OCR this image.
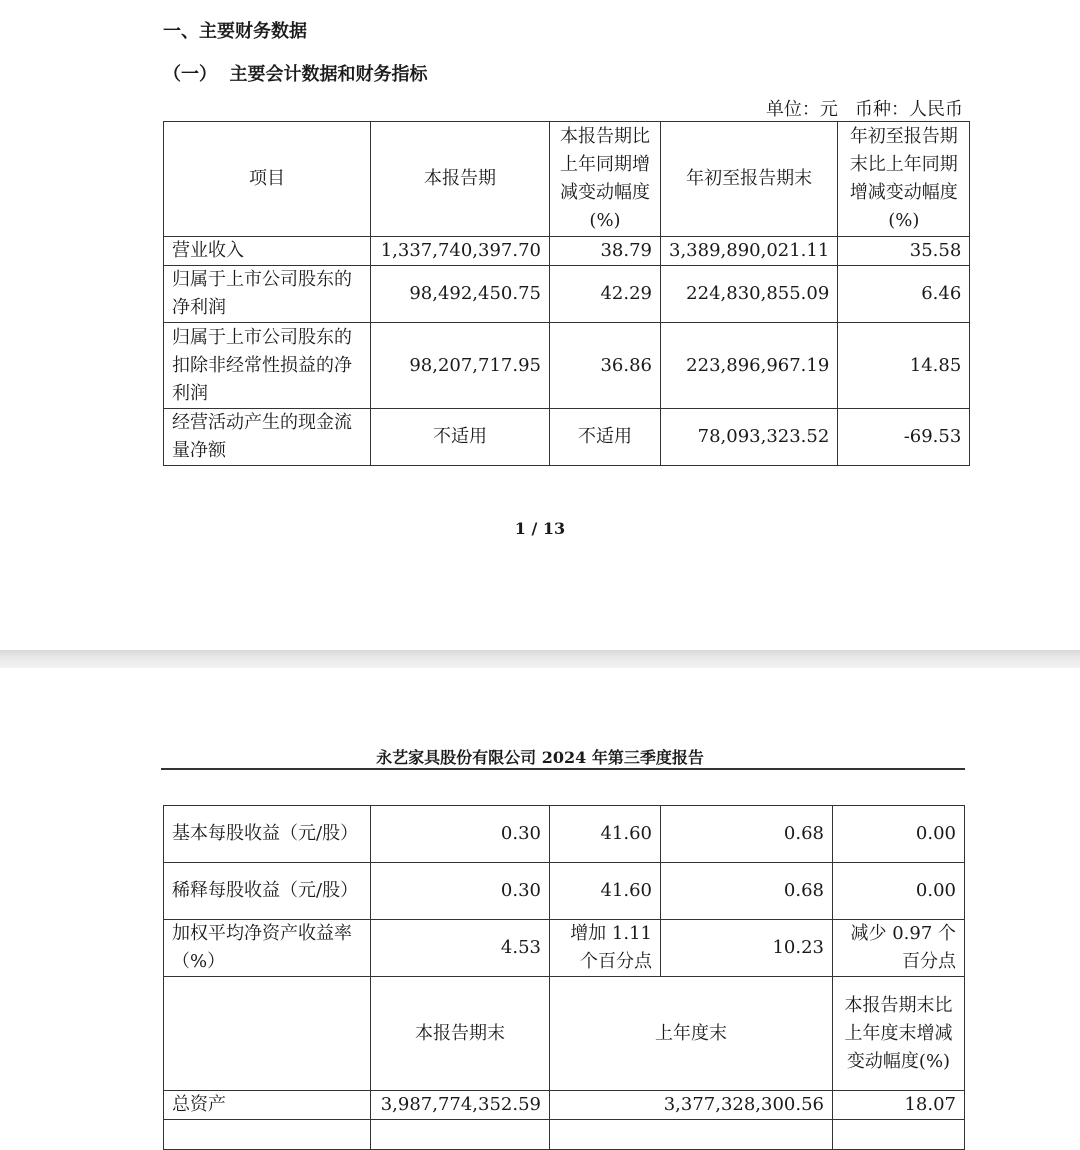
一、主要财务数据
（一）  主要会计数据和财务指标
单位：元   币种：人民币
项目	本报告期	本报告期比上年同期增减变动幅度(%)	年初至报告期末	年初至报告期末比上年同期增减变动幅度(%)
营业收入	1,337,740,397.70	38.79	3,389,890,021.11	35.58
归属于上市公司股东的净利润	98,492,450.75	42.29	224,830,855.09	6.46
归属于上市公司股东的扣除非经常性损益的净利润	98,207,717.95	36.86	223,896,967.19	14.85
经营活动产生的现金流量净额	不适用	不适用	78,093,323.52	-69.53
1 / 13
永艺家具股份有限公司 2024 年第三季度报告
基本每股收益（元/股）	0.30	41.60	0.68	0.00
稀释每股收益（元/股）	0.30	41.60	0.68	0.00
加权平均净资产收益率（%）	4.53	增加 1.11 个百分点	10.23	减少 0.97 个百分点
	本报告期末	上年度末		本报告期末比上年度末增减变动幅度(%)
总资产	3,987,774,352.59	3,377,328,300.56		18.07
